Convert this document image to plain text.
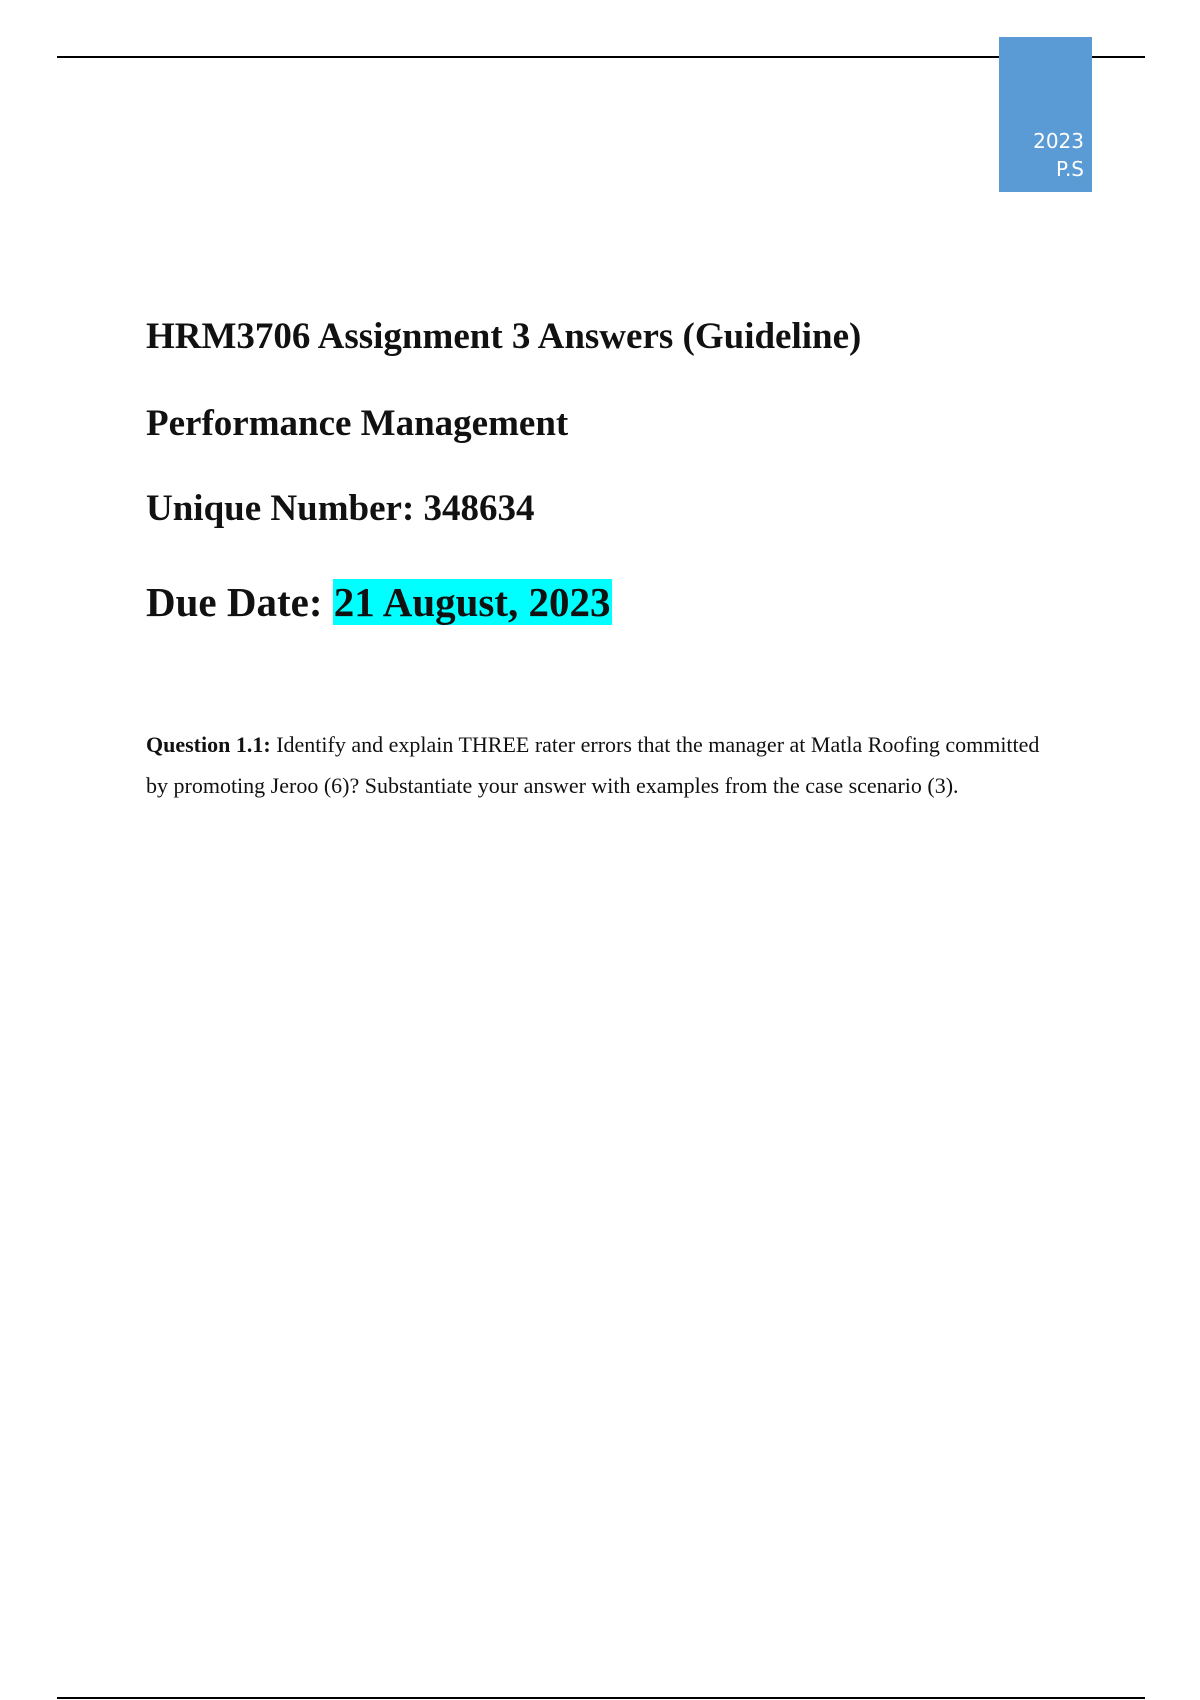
2023
P.S
HRM3706 Assignment 3 Answers (Guideline)
Performance Management
Unique Number: 348634
Due Date: 21 August, 2023

Question 1.1: Identify and explain THREE rater errors that the manager at Matla Roofing committed by promoting Jeroo (6)? Substantiate your answer with examples from the case scenario (3).
